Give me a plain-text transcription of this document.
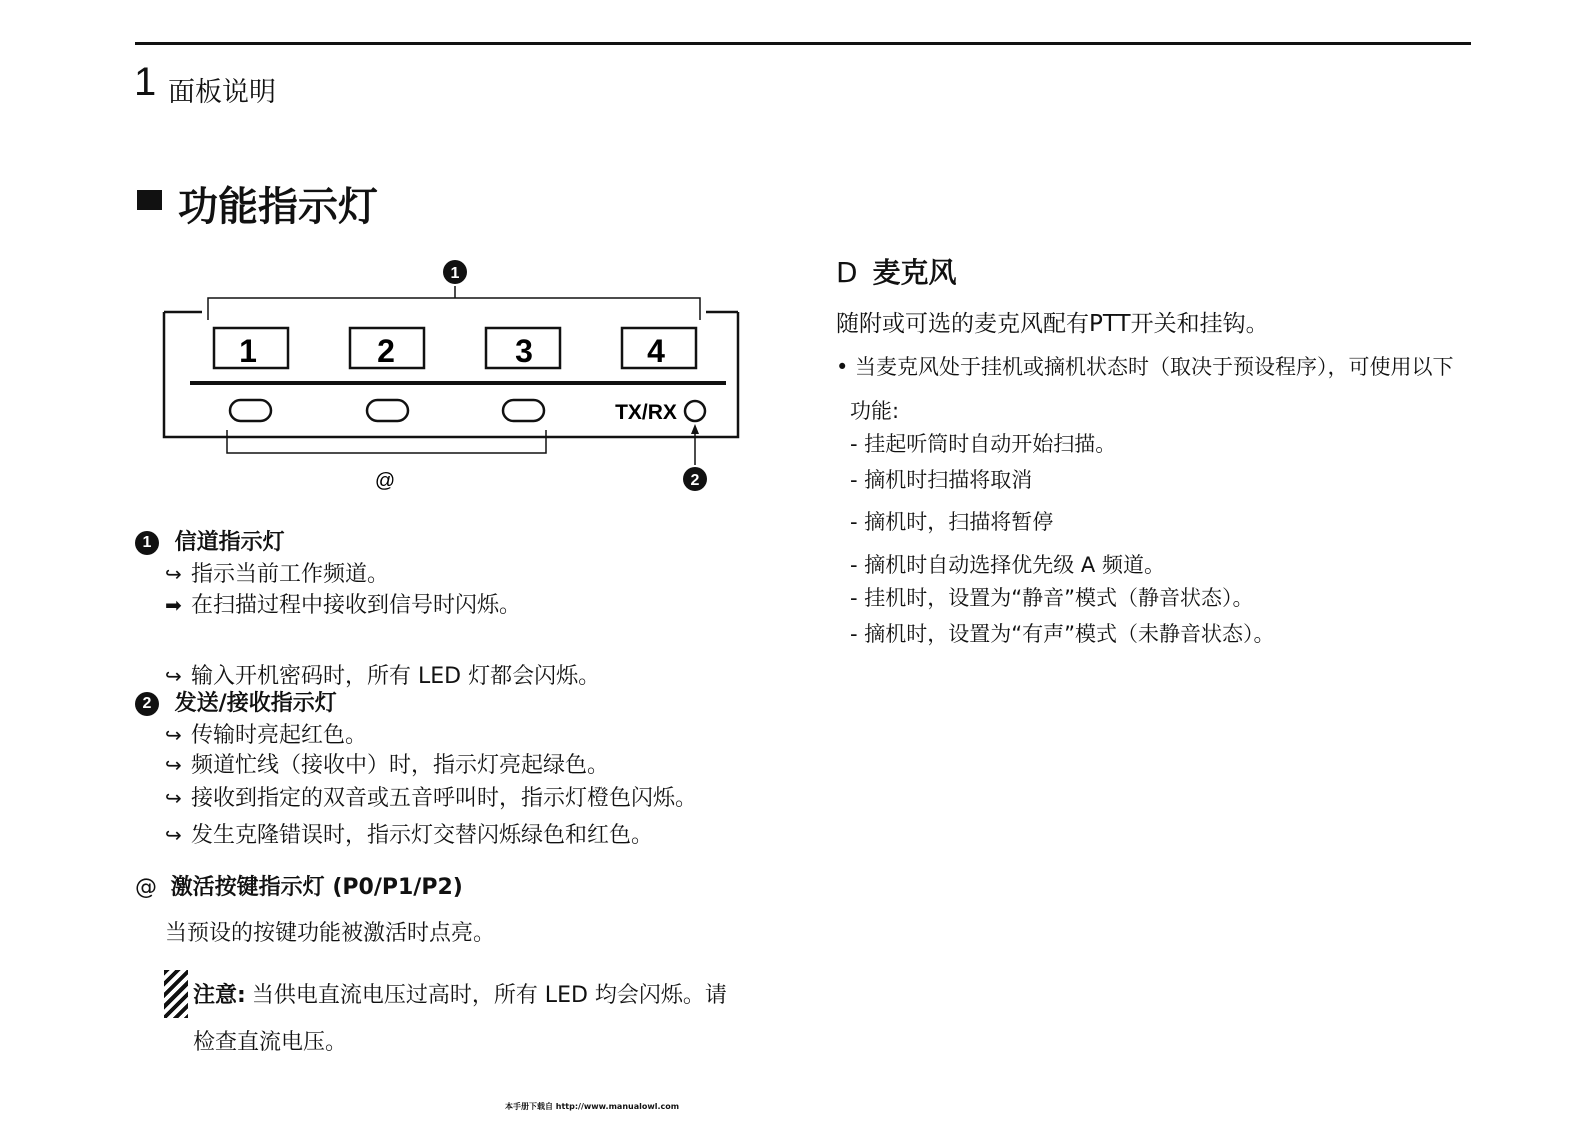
1 面板说明
功能指示灯
1
1	2	3	4
TX/RX
@	2
1 信道指示灯
↪ 指示当前工作频道。
➡ 在扫描过程中接收到信号时闪烁。
↪ 输入开机密码时，所有 LED 灯都会闪烁。
2 发送/接收指示灯
↪ 传输时亮起红色。
↪ 频道忙线（接收中）时，指示灯亮起绿色。
↪ 接收到指定的双音或五音呼叫时，指示灯橙色闪烁。
↪ 发生克隆错误时，指示灯交替闪烁绿色和红色。
@ 激活按键指示灯 (P0/P1/P2)
当预设的按键功能被激活时点亮。
注意: 当供电直流电压过高时，所有 LED 均会闪烁。请
检查直流电压。
D 麦克风
随附或可选的麦克风配有PTT开关和挂钩。
• 当麦克风处于挂机或摘机状态时（取决于预设程序），可使用以下
功能:
- 挂起听筒时自动开始扫描。
- 摘机时扫描将取消
- 摘机时，扫描将暂停
- 摘机时自动选择优先级 A 频道。
- 挂机时，设置为“静音”模式（静音状态）。
- 摘机时，设置为“有声”模式（未静音状态）。
本手册下载自 http://www.manualowl.com
